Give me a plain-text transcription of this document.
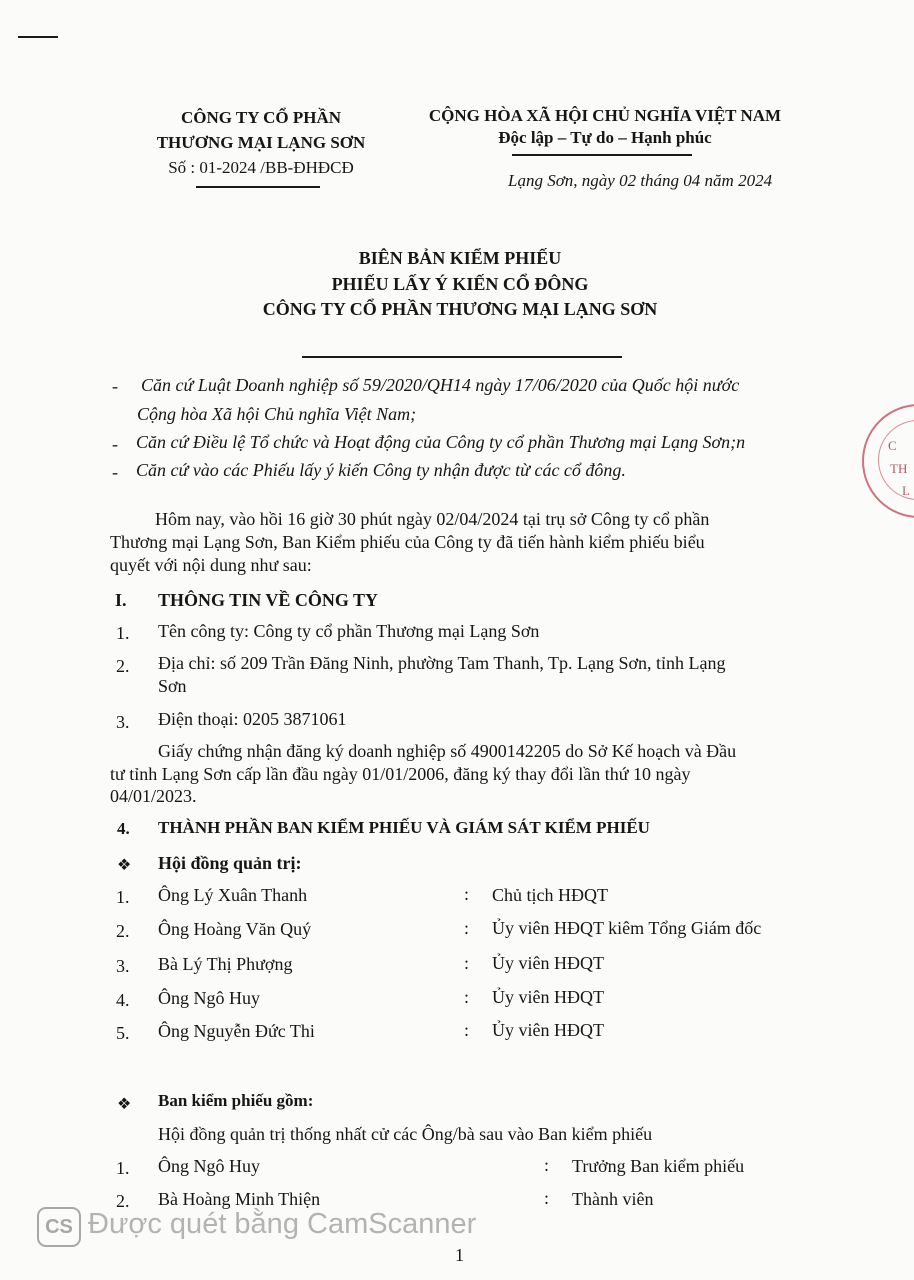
CÔNG TY CỔ PHẦN
THƯƠNG MẠI LẠNG SƠN
Số : 01-2024 /BB-ĐHĐCĐ
CỘNG HÒA XÃ HỘI CHỦ NGHĨA VIỆT NAM
Độc lập – Tự do – Hạnh phúc
Lạng Sơn, ngày 02 tháng 04 năm 2024
BIÊN BẢN KIỂM PHIẾU
PHIẾU LẤY Ý KIẾN CỔ ĐÔNG
CÔNG TY CỔ PHẦN THƯƠNG MẠI LẠNG SƠN
- Căn cứ Luật Doanh nghiệp số 59/2020/QH14 ngày 17/06/2020 của Quốc hội nước
Cộng hòa Xã hội Chủ nghĩa Việt Nam;
- Căn cứ Điều lệ Tổ chức và Hoạt động của Công ty cổ phần Thương mại Lạng Sơn;n
- Căn cứ vào các Phiếu lấy ý kiến Công ty nhận được từ các cổ đông.
C
TH
L
Hôm nay, vào hồi 16 giờ 30 phút ngày 02/04/2024 tại trụ sở Công ty cổ phần
Thương mại Lạng Sơn, Ban Kiểm phiếu của Công ty đã tiến hành kiểm phiếu biểu
quyết với nội dung như sau:
I. THÔNG TIN VỀ CÔNG TY
1. Tên công ty: Công ty cổ phần Thương mại Lạng Sơn
2. Địa chỉ: số 209 Trần Đăng Ninh, phường Tam Thanh, Tp. Lạng Sơn, tỉnh Lạng
Sơn
3. Điện thoại: 0205 3871061
Giấy chứng nhận đăng ký doanh nghiệp số 4900142205 do Sở Kế hoạch và Đầu
tư tỉnh Lạng Sơn cấp lần đầu ngày 01/01/2006, đăng ký thay đổi lần thứ 10 ngày
04/01/2023.
4. THÀNH PHẦN BAN KIỂM PHIẾU VÀ GIÁM SÁT KIỂM PHIẾU
❖ Hội đồng quản trị:
1. Ông Lý Xuân Thanh	: Chủ tịch HĐQT
2. Ông Hoàng Văn Quý	: Ủy viên HĐQT kiêm Tổng Giám đốc
3. Bà Lý Thị Phượng	: Ủy viên HĐQT
4. Ông Ngô Huy	: Ủy viên HĐQT
5. Ông Nguyễn Đức Thi	: Ủy viên HĐQT
❖ Ban kiểm phiếu gồm:
Hội đồng quản trị thống nhất cử các Ông/bà sau vào Ban kiểm phiếu
1. Ông Ngô Huy	: Trưởng Ban kiểm phiếu
2. Bà Hoàng Minh Thiện	: Thành viên
CS Được quét bằng CamScanner
1
